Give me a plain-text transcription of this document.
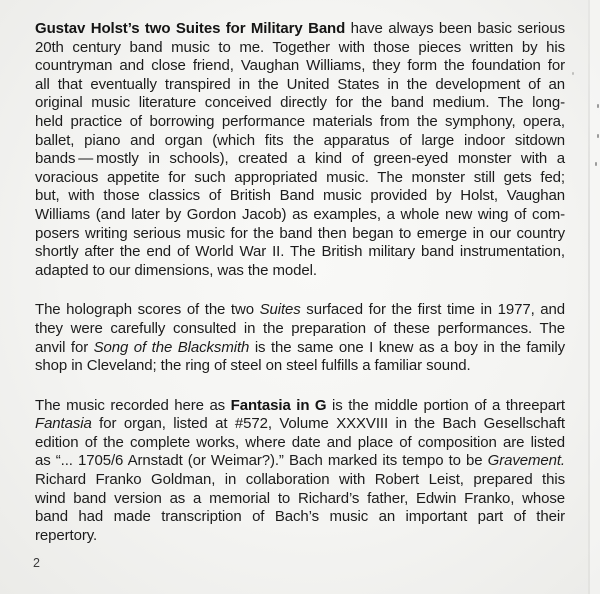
Gustav Holst’s two Suites for Military Band have always been basic serious
20th century band music to me. Together with those pieces written by his
countryman and close friend, Vaughan Williams, they form the foundation for
all that eventually transpired in the United States in the development of an
original music literature conceived directly for the band medium. The long-
held practice of borrowing performance materials from the symphony, opera,
ballet, piano and organ (which fits the apparatus of large indoor sitdown
bands — mostly in schools), created a kind of green-eyed monster with a
voracious appetite for such appropriated music. The monster still gets fed;
but, with those classics of British Band music provided by Holst, Vaughan
Williams (and later by Gordon Jacob) as examples, a whole new wing of com-
posers writing serious music for the band then began to emerge in our country
shortly after the end of World War II. The British military band instrumentation,
adapted to our dimensions, was the model.
The holograph scores of the two Suites surfaced for the first time in 1977, and
they were carefully consulted in the preparation of these performances. The
anvil for Song of the Blacksmith is the same one I knew as a boy in the family
shop in Cleveland; the ring of steel on steel fulfills a familiar sound.
The music recorded here as Fantasia in G is the middle portion of a threepart
Fantasia for organ, listed at #572, Volume XXXVIII in the Bach Gesellschaft
edition of the complete works, where date and place of composition are listed
as “... 1705/6 Arnstadt (or Weimar?).” Bach marked its tempo to be Gravement.
Richard Franko Goldman, in collaboration with Robert Leist, prepared this
wind band version as a memorial to Richard’s father, Edwin Franko, whose
band had made transcription of Bach’s music an important part of their
repertory.
2
